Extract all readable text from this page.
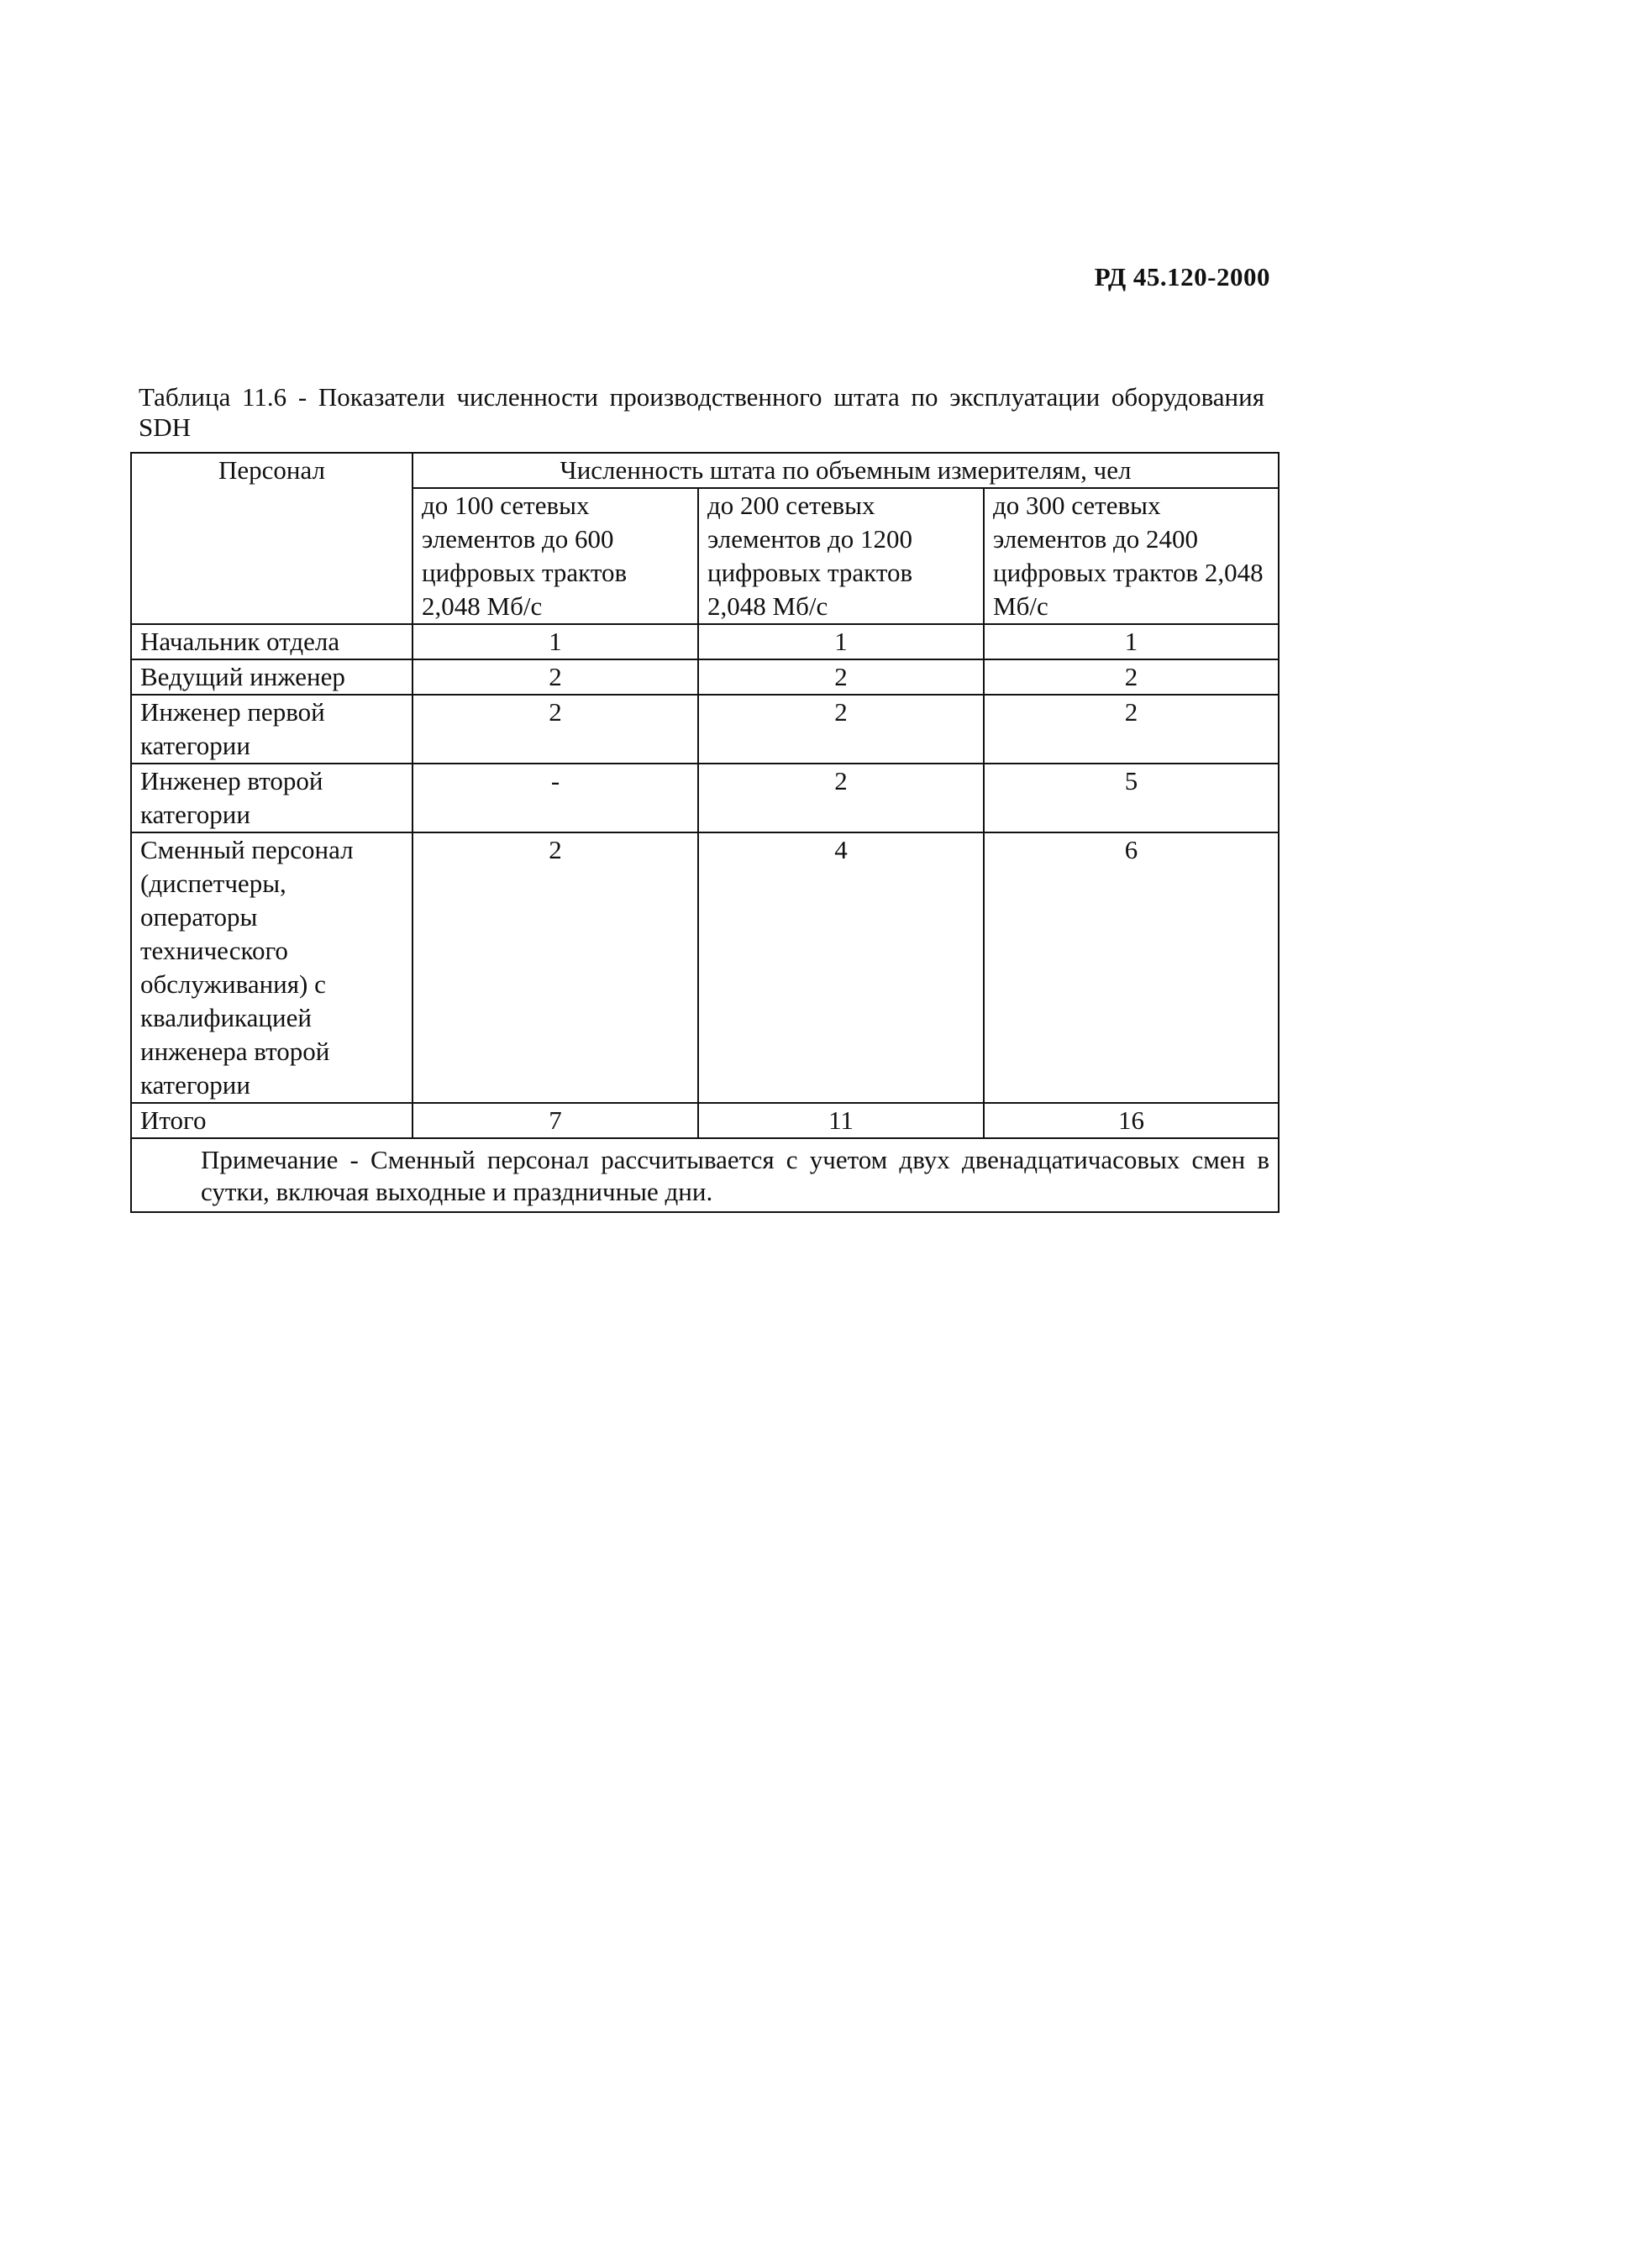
РД 45.120-2000
Таблица 11.6 - Показатели численности производственного штата по эксплуатации оборудования SDH
Персонал	Численность штата по объемным измерителям, чел		
	до 100 сетевых элементов до 600 цифровых трактов 2,048 Мб/с	до 200 сетевых элементов до 1200 цифровых трактов 2,048 Мб/с	до 300 сетевых элементов до 2400 цифровых трактов 2,048 Мб/с
Начальник отдела	1	1	1
Ведущий инженер	2	2	2
Инженер первой категории	2	2	2
Инженер второй категории	-	2	5
Сменный персонал (диспетчеры, операторы технического обслуживания) с квалификацией инженера второй категории	2	4	6
Итого	7	11	16

Примечание - Сменный персонал рассчитывается с учетом двух двенадцатичасовых смен в сутки, включая выходные и праздничные дни.			
